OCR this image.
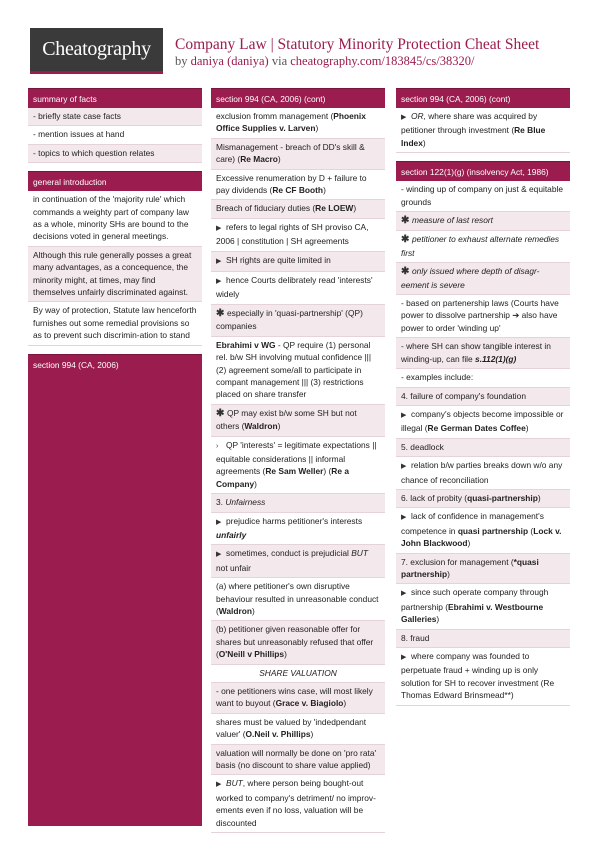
Cheatography Company Law | Statutory Minority Protection Cheat Sheet
by daniya (daniya) via cheatography.com/183845/cs/38320/
summary of facts
- briefly state case facts
- mention issues at hand
- topics to which question relates
general introduction
in continuation of the 'majority rule' which commands a weighty part of company law as a whole, minority SHs are bound to the decisions voted in general meetings.
Although this rule generally posses a great many advantages, as a concequence, the minority might, at times, may find themselves unfairly discriminated against.
By way of protection, Statute law henceforth furnishes out some remedial provisions so as to prevent such discrimin-ation to stand
section 994 (CA, 2006)
section 994 (CA, 2006) (cont)
exclusion fromm management (Phoenix Office Supplies v. Larven)
Mismanagement - breach of DD's skill & care) (Re Macro)
Excessive renumeration by D + failure to pay dividends (Re CF Booth)
Breach of fiduciary duties (Re LOEW)
▶ refers to legal rights of SH proviso CA, 2006 | constitution | SH agreements
▶ SH rights are quite limited in
▶ hence Courts delibrately read 'interests' widely
✱ especially in 'quasi-partnership' (QP) companies
Ebrahimi v WG - QP require (1) personal rel. b/w SH involving mutual confidence ||| (2) agreement some/all to participate in compant management ||| (3) restrictions placed on share transfer
✱ QP may exist b/w some SH but not others (Waldron)
› QP 'interests' = legitimate expectations || equitable considerations || informal agreements (Re Sam Weller) (Re a Company)
3. Unfairness
▶ prejudice harms petitioner's interests unfairly
▶ sometimes, conduct is prejudicial BUT not unfair
(a) where petitioner's own disruptive behaviour resulted in unreasonable conduct (Waldron)
(b) petitioner given reasonable offer for shares but unreasonably refused that offer (O'Neill v Phillips)
SHARE VALUATION
- one petitioners wins case, will most likely want to buyout (Grace v. Biagiolo)
shares must be valued by 'indedpendant valuer' (O.Neil v. Phillips)
valuation will normally be done on 'pro rata' basis (no discount to share value applied)
▶ BUT, where person being bought-out worked to company's detriment/ no improv-ements even if no loss, valuation will be discounted
section 994 (CA, 2006) (cont)
▶ OR, where share was acquired by petitioner through investment (Re Blue Index)
section 122(1)(g) (insolvency Act, 1986)
- winding up of company on just & equitable grounds
✱ measure of last resort
✱ petitioner to exhaust alternate remedies first
✱ only issued where depth of disagr-eement is severe
- based on partenership laws (Courts have power to dissolve partnership ➔ also have power to order 'winding up'
- where SH can show tangible interest in winding-up, can file s.112(1)(g)
- examples include:
4. failure of company's foundation
▶ company's objects become impossible or illegal (Re German Dates Coffee)
5. deadlock
▶ relation b/w parties breaks down w/o any chance of reconciliation
6. lack of probity (quasi-partnership)
▶ lack of confidence in management's competence in quasi partnership (Lock v. John Blackwood)
7. exclusion for management (*quasi partnership)
▶ since such operate company through partnership (Ebrahimi v. Westbourne Galleries)
8. fraud
▶ where company was founded to perpetuate fraud + winding up is only solution for SH to recover investment (Re Thomas Edward Brinsmead**)
